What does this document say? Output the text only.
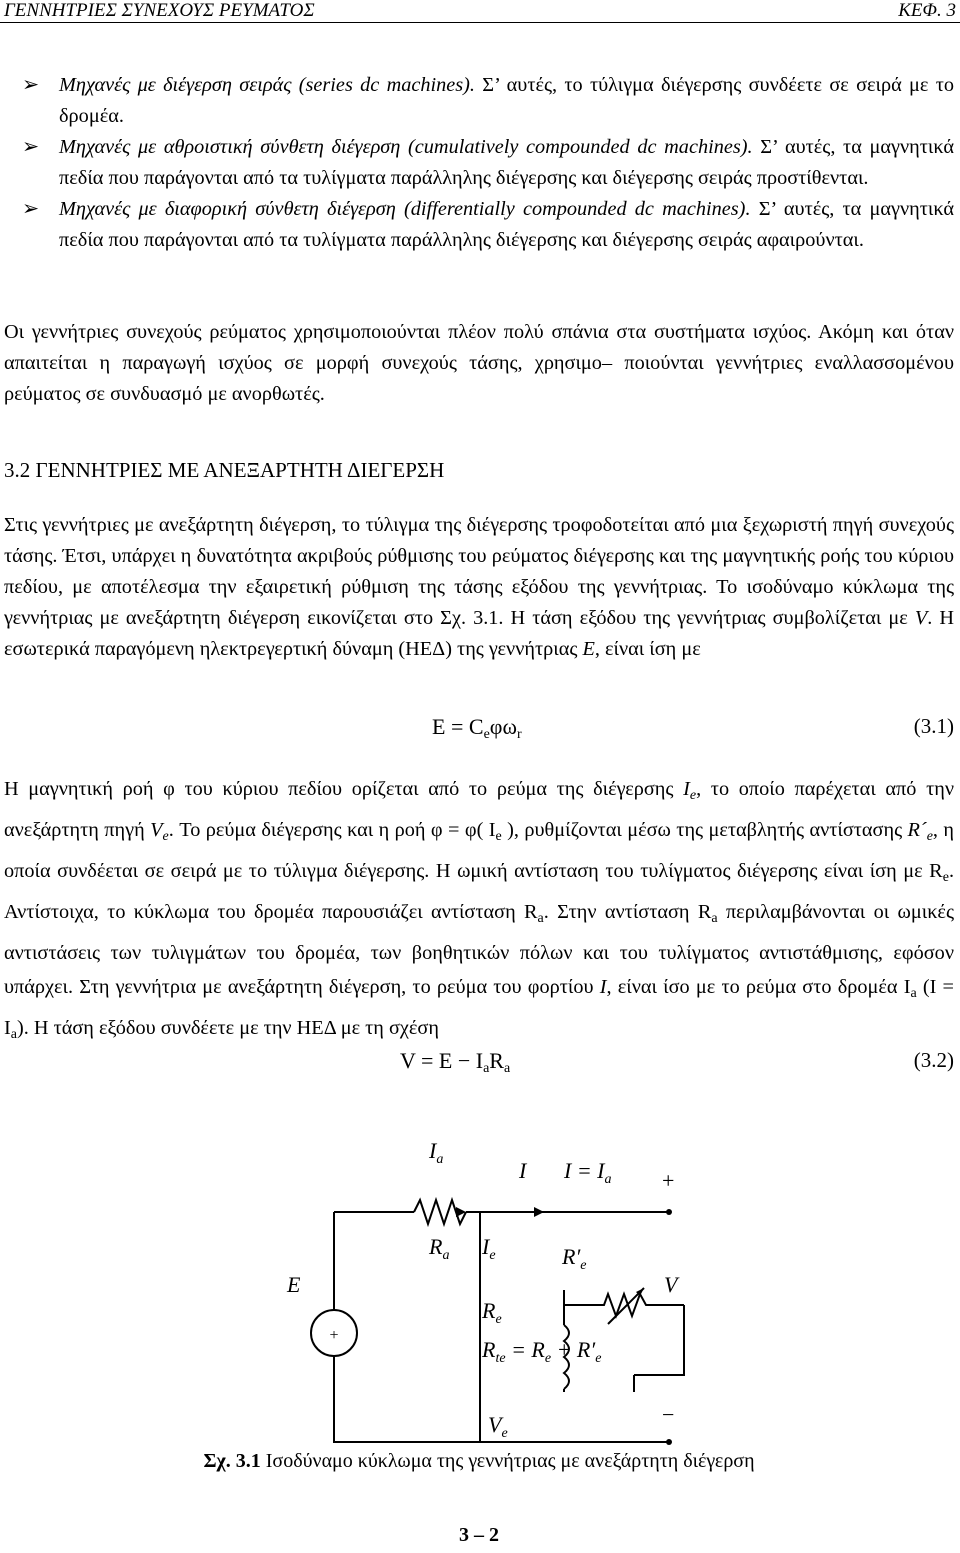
ΓΕΝΝΗΤΡΙΕΣ ΣΥΝΕΧΟΥΣ ΡΕΥΜΑΤΟΣ	ΚΕΦ. 3
➢ Μηχανές με διέγερση σειράς (series dc machines). Σ’ αυτές, το τύλιγμα διέγερσης συνδέετε σε σειρά με το δρομέα.
➢ Μηχανές με αθροιστική σύνθετη διέγερση (cumulatively compounded dc machines). Σ’ αυτές, τα μαγνητικά πεδία που παράγονται από τα τυλίγματα παράλληλης διέγερσης και διέγερσης σειράς προστίθενται.
➢ Μηχανές με διαφορική σύνθετη διέγερση (differentially compounded dc machines). Σ’ αυτές, τα μαγνητικά πεδία που παράγονται από τα τυλίγματα παράλληλης διέγερσης και διέγερσης σειράς αφαιρούνται.
Οι γεννήτριες συνεχούς ρεύματος χρησιμοποιούνται πλέον πολύ σπάνια στα συστήματα ισχύος. Ακόμη και όταν απαιτείται η παραγωγή ισχύος σε μορφή συνεχούς τάσης, χρησιμο– ποιούνται γεννήτριες εναλλασσομένου ρεύματος σε συνδυασμό με ανορθωτές.
3.2 ΓΕΝΝΗΤΡΙΕΣ ΜΕ ΑΝΕΞΑΡΤΗΤΗ ΔΙΕΓΕΡΣΗ
Στις γεννήτριες με ανεξάρτητη διέγερση, το τύλιγμα της διέγερσης τροφοδοτείται από μια ξεχωριστή πηγή συνεχούς τάσης. Έτσι, υπάρχει η δυνατότητα ακριβούς ρύθμισης του ρεύματος διέγερσης και της μαγνητικής ροής του κύριου πεδίου, με αποτέλεσμα την εξαιρετική ρύθμιση της τάσης εξόδου της γεννήτριας. Το ισοδύναμο κύκλωμα της γεννήτριας με ανεξάρτητη διέγερση εικονίζεται στο Σχ. 3.1. Η τάση εξόδου της γεννήτριας συμβολίζεται με V. Η εσωτερικά παραγόμενη ηλεκτρεγερτική δύναμη (ΗΕΔ) της γεννήτριας E, είναι ίση με
$E = C_e\varphi\omega_r$	(3.1)
Η μαγνητική ροή φ του κύριου πεδίου ορίζεται από το ρεύμα της διέγερσης $I_e$, το οποίο παρέχεται από την ανεξάρτητη πηγή $V_e$. Το ρεύμα διέγερσης και η ροή φ = φ( $I_e$ ), ρυθμίζονται μέσω της μεταβλητής αντίστασης $R´_e$, η οποία συνδέεται σε σειρά με το τύλιγμα διέγερσης. Η ωμική αντίσταση του τυλίγματος διέγερσης είναι ίση με $R_e$. Αντίστοιχα, το κύκλωμα του δρομέα παρουσιάζει αντίσταση $R_a$. Στην αντίσταση $R_a$ περιλαμβάνονται οι ωμικές αντιστάσεις των τυλιγμάτων του δρομέα, των βοηθητικών πόλων και του τυλίγματος αντιστάθμισης, εφόσον υπάρχει. Στη γεννήτρια με ανεξάρτητη διέγερση, το ρεύμα του φορτίου I, είναι ίσο με το ρεύμα στο δρομέα $I_a$ $(I = I_a)$. Η τάση εξόδου συνδέετε με την ΗΕΔ με τη σχέση
$V = E - I_aR_a$	(3.2)
+
$I_a$	I $I = I_a$ +
$R_a$ $I_e$	$R'_e$
E	V
$R_e$
$R_{te} = R_e + R'_e$
−
$V_e$
Σχ. 3.1 Ισοδύναμο κύκλωμα της γεννήτριας με ανεξάρτητη διέγερση
3 – 2
